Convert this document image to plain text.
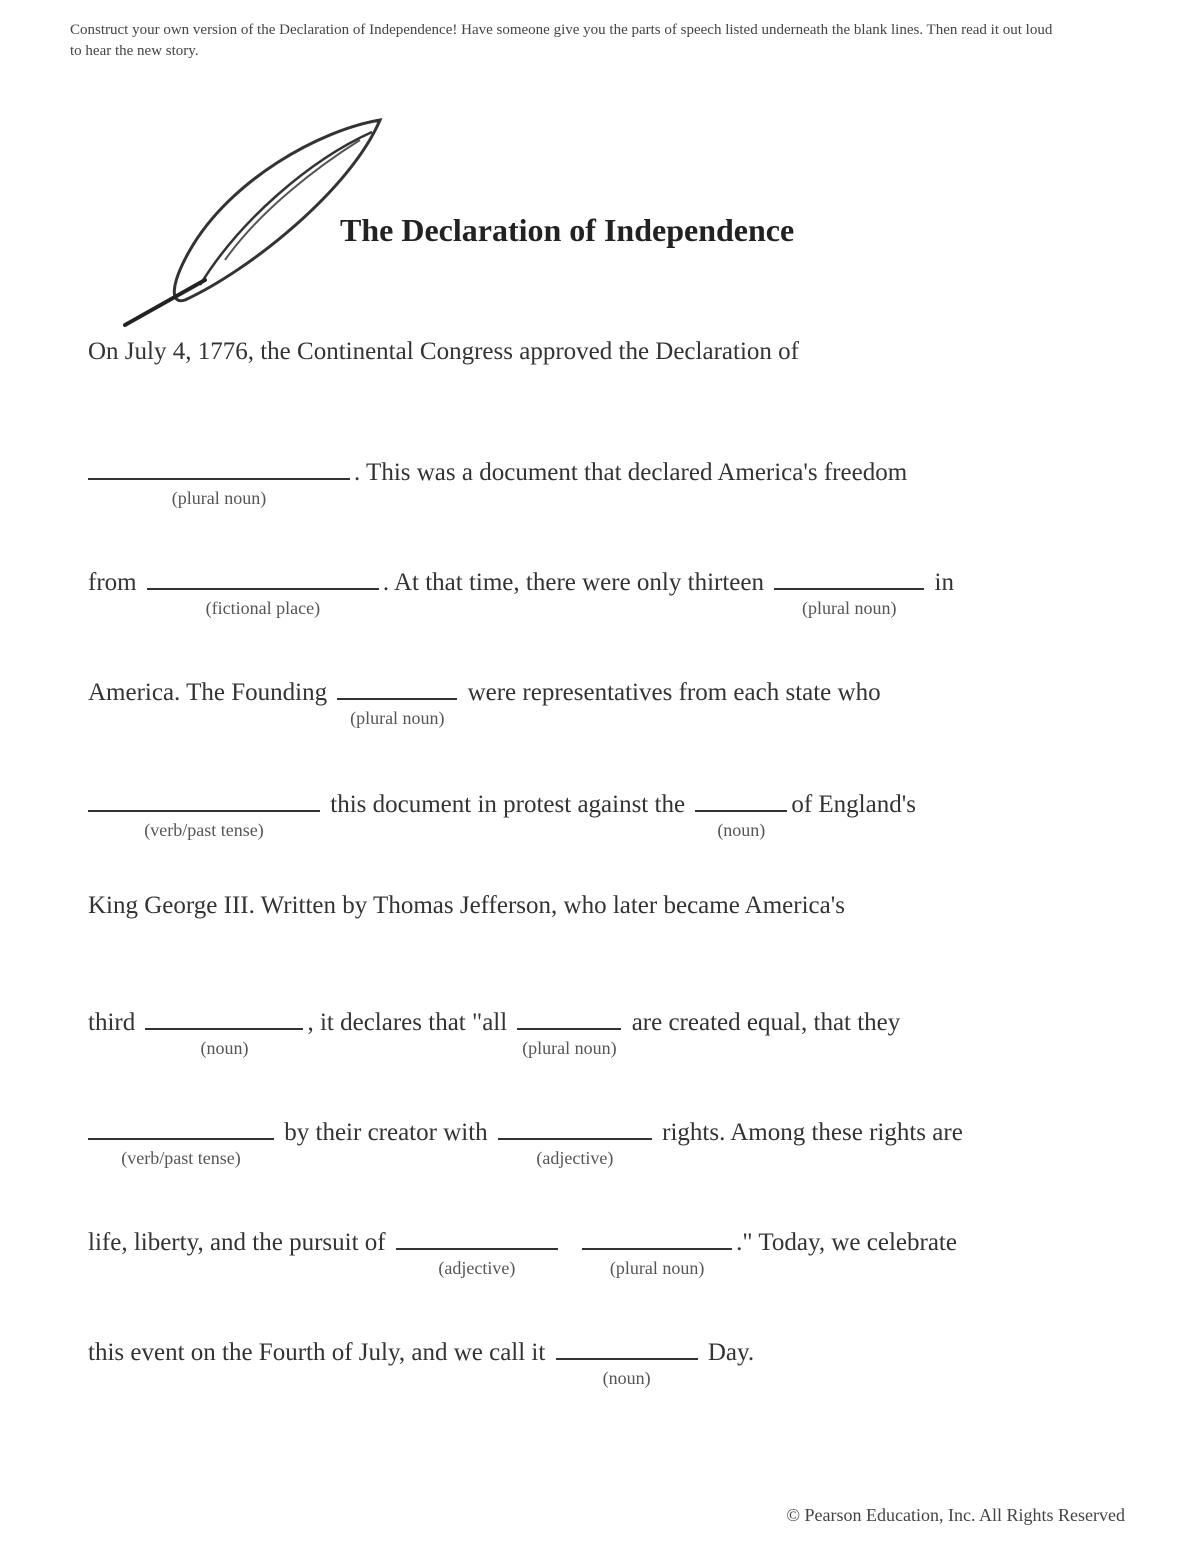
Construct your own version of the Declaration of Independence! Have someone give you the parts of speech listed underneath the blank lines. Then read it out loud to hear the new story.
The Declaration of Independence
On July 4, 1776, the Continental Congress approved the Declaration of
(plural noun)
. This was a document that declared America's freedom
from
(fictional place)
. At that time, there were only thirteen
(plural noun)
in
America. The Founding
(plural noun)
were representatives from each state who
(verb/past tense)
this document in protest against the
(noun)
of England's
King George III. Written by Thomas Jefferson, who later became America's
third
(noun)
, it declares that "all
(plural noun)
are created equal, that they
(verb/past tense)
by their creator with
(adjective)
rights. Among these rights are
life, liberty, and the pursuit of
(adjective)
	(plural noun)
." Today, we celebrate
this event on the Fourth of July, and we call it
(noun)
Day.
© Pearson Education, Inc. All Rights Reserved
